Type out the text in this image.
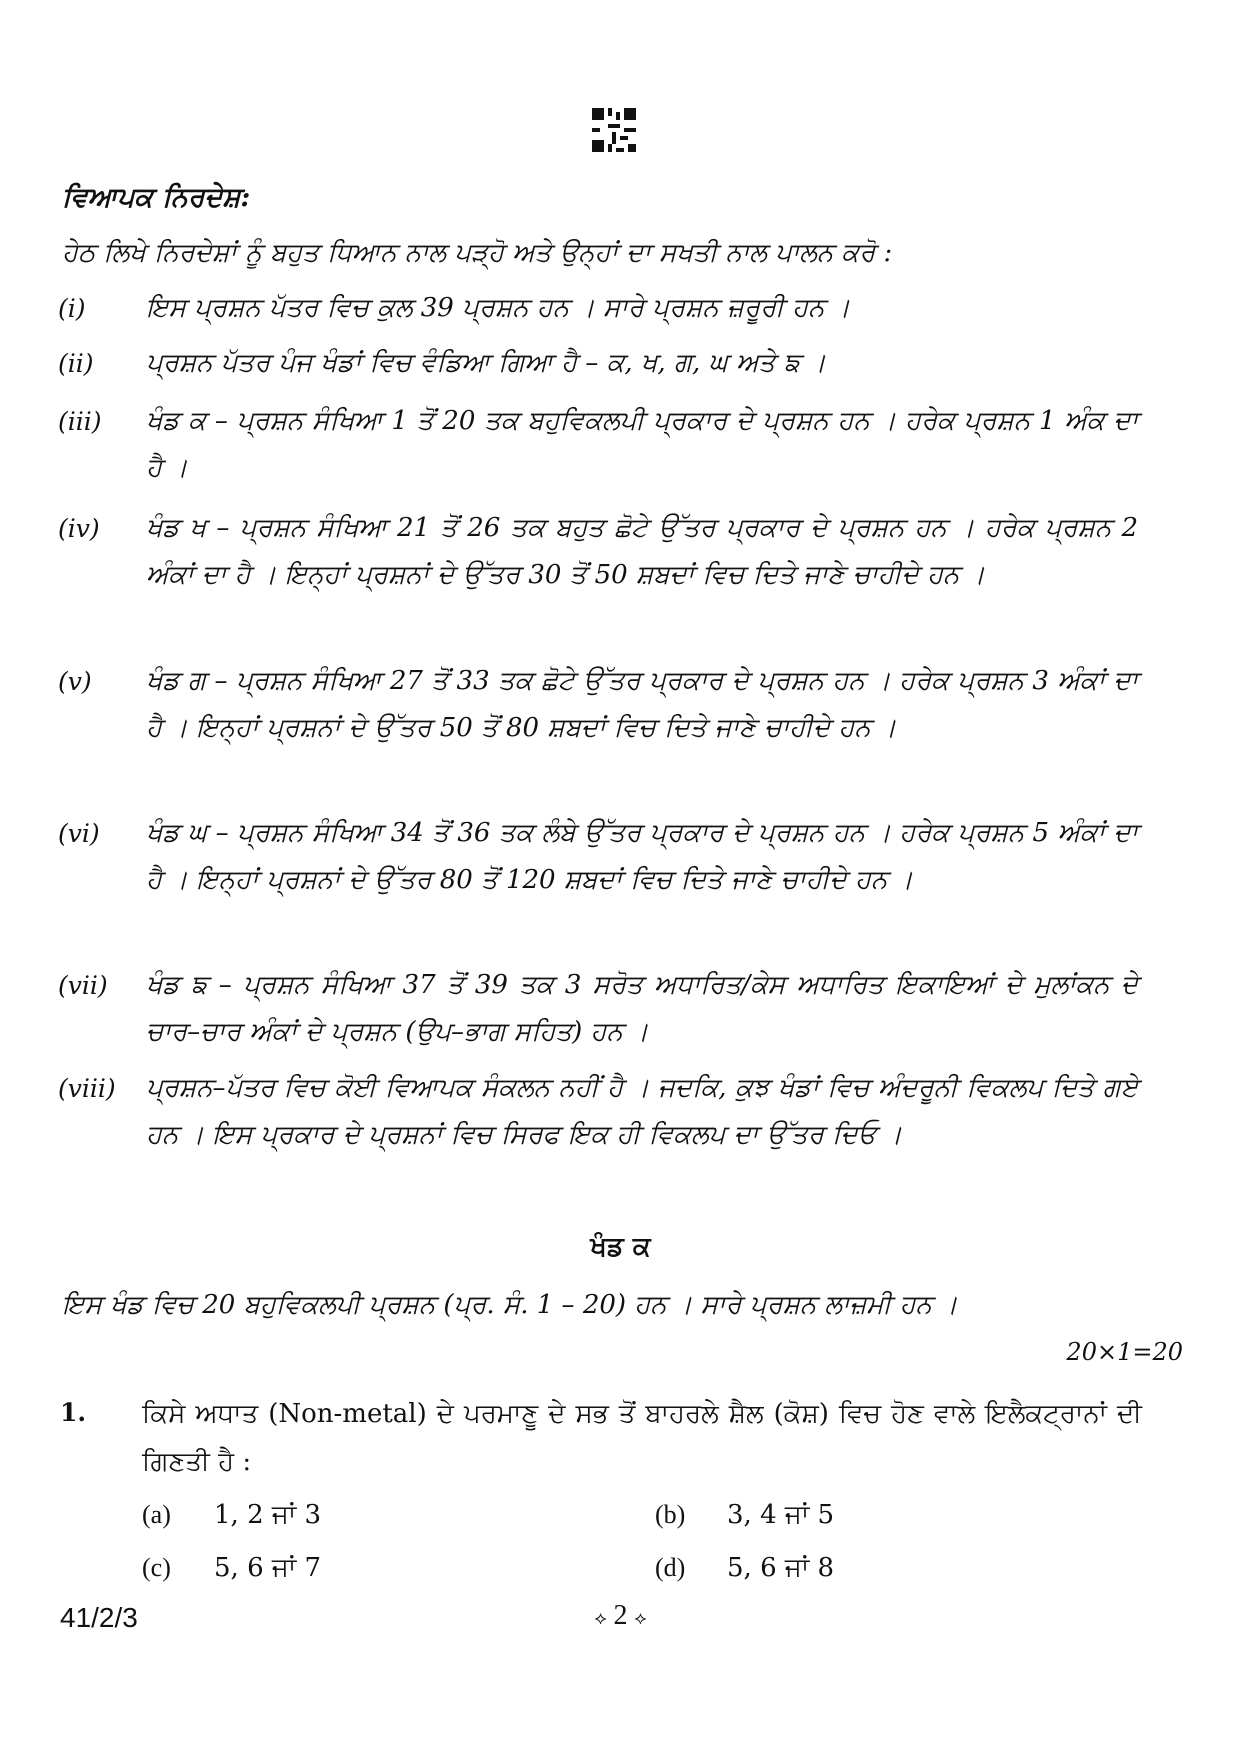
ਵਿਆਪਕ ਨਿਰਦੇਸ਼:
ਹੇਠ ਲਿਖੇ ਨਿਰਦੇਸ਼ਾਂ ਨੂੰ ਬਹੁਤ ਧਿਆਨ ਨਾਲ ਪੜ੍ਹੋ ਅਤੇ ਉਨ੍ਹਾਂ ਦਾ ਸਖਤੀ ਨਾਲ ਪਾਲਨ ਕਰੋ :
(i)	ਇਸ ਪ੍ਰਸ਼ਨ ਪੱਤਰ ਵਿਚ ਕੁਲ 39 ਪ੍ਰਸ਼ਨ ਹਨ । ਸਾਰੇ ਪ੍ਰਸ਼ਨ ਜ਼ਰੂਰੀ ਹਨ ।
(ii)	ਪ੍ਰਸ਼ਨ ਪੱਤਰ ਪੰਜ ਖੰਡਾਂ ਵਿਚ ਵੰਡਿਆ ਗਿਆ ਹੈ – ਕ, ਖ, ਗ, ਘ ਅਤੇ ਙ ।
(iii)	ਖੰਡ ਕ – ਪ੍ਰਸ਼ਨ ਸੰਖਿਆ 1 ਤੋਂ 20 ਤਕ ਬਹੁਵਿਕਲਪੀ ਪ੍ਰਕਾਰ ਦੇ ਪ੍ਰਸ਼ਨ ਹਨ । ਹਰੇਕ ਪ੍ਰਸ਼ਨ 1 ਅੰਕ ਦਾ ਹੈ ।
(iv)	ਖੰਡ ਖ – ਪ੍ਰਸ਼ਨ ਸੰਖਿਆ 21 ਤੋਂ 26 ਤਕ ਬਹੁਤ ਛੋਟੇ ਉੱਤਰ ਪ੍ਰਕਾਰ ਦੇ ਪ੍ਰਸ਼ਨ ਹਨ । ਹਰੇਕ ਪ੍ਰਸ਼ਨ 2 ਅੰਕਾਂ ਦਾ ਹੈ । ਇਨ੍ਹਾਂ ਪ੍ਰਸ਼ਨਾਂ ਦੇ ਉੱਤਰ 30 ਤੋਂ 50 ਸ਼ਬਦਾਂ ਵਿਚ ਦਿਤੇ ਜਾਣੇ ਚਾਹੀਦੇ ਹਨ ।
(v)	ਖੰਡ ਗ – ਪ੍ਰਸ਼ਨ ਸੰਖਿਆ 27 ਤੋਂ 33 ਤਕ ਛੋਟੇ ਉੱਤਰ ਪ੍ਰਕਾਰ ਦੇ ਪ੍ਰਸ਼ਨ ਹਨ । ਹਰੇਕ ਪ੍ਰਸ਼ਨ 3 ਅੰਕਾਂ ਦਾ ਹੈ । ਇਨ੍ਹਾਂ ਪ੍ਰਸ਼ਨਾਂ ਦੇ ਉੱਤਰ 50 ਤੋਂ 80 ਸ਼ਬਦਾਂ ਵਿਚ ਦਿਤੇ ਜਾਣੇ ਚਾਹੀਦੇ ਹਨ ।
(vi)	ਖੰਡ ਘ – ਪ੍ਰਸ਼ਨ ਸੰਖਿਆ 34 ਤੋਂ 36 ਤਕ ਲੰਬੇ ਉੱਤਰ ਪ੍ਰਕਾਰ ਦੇ ਪ੍ਰਸ਼ਨ ਹਨ । ਹਰੇਕ ਪ੍ਰਸ਼ਨ 5 ਅੰਕਾਂ ਦਾ ਹੈ । ਇਨ੍ਹਾਂ ਪ੍ਰਸ਼ਨਾਂ ਦੇ ਉੱਤਰ 80 ਤੋਂ 120 ਸ਼ਬਦਾਂ ਵਿਚ ਦਿਤੇ ਜਾਣੇ ਚਾਹੀਦੇ ਹਨ ।
(vii)	ਖੰਡ ਙ – ਪ੍ਰਸ਼ਨ ਸੰਖਿਆ 37 ਤੋਂ 39 ਤਕ 3 ਸਰੋਤ ਅਧਾਰਿਤ/ਕੇਸ ਅਧਾਰਿਤ ਇਕਾਇਆਂ ਦੇ ਮੁਲਾਂਕਨ ਦੇ ਚਾਰ–ਚਾਰ ਅੰਕਾਂ ਦੇ ਪ੍ਰਸ਼ਨ (ਉਪ–ਭਾਗ ਸਹਿਤ) ਹਨ ।
(viii)	ਪ੍ਰਸ਼ਨ–ਪੱਤਰ ਵਿਚ ਕੋਈ ਵਿਆਪਕ ਸੰਕਲਨ ਨਹੀਂ ਹੈ । ਜਦਕਿ, ਕੁਝ ਖੰਡਾਂ ਵਿਚ ਅੰਦਰੂਨੀ ਵਿਕਲਪ ਦਿਤੇ ਗਏ ਹਨ । ਇਸ ਪ੍ਰਕਾਰ ਦੇ ਪ੍ਰਸ਼ਨਾਂ ਵਿਚ ਸਿਰਫ ਇਕ ਹੀ ਵਿਕਲਪ ਦਾ ਉੱਤਰ ਦਿਓ ।
ਖੰਡ ਕ
ਇਸ ਖੰਡ ਵਿਚ 20 ਬਹੁਵਿਕਲਪੀ ਪ੍ਰਸ਼ਨ (ਪ੍ਰ. ਸੰ. 1 – 20) ਹਨ । ਸਾਰੇ ਪ੍ਰਸ਼ਨ ਲਾਜ਼ਮੀ ਹਨ ।
20×1=20
1. ਕਿਸੇ ਅਧਾਤ (Non-metal) ਦੇ ਪਰਮਾਣੂ ਦੇ ਸਭ ਤੋਂ ਬਾਹਰਲੇ ਸ਼ੈਲ (ਕੋਸ਼) ਵਿਚ ਹੋਣ ਵਾਲੇ ਇਲੈਕਟ੍ਰਾਨਾਂ ਦੀ ਗਿਣਤੀ ਹੈ :
(a) 1, 2 ਜਾਂ 3	(b) 3, 4 ਜਾਂ 5
(c) 5, 6 ਜਾਂ 7	(d) 5, 6 ਜਾਂ 8
41/2/3	⟡ 2 ⟡
